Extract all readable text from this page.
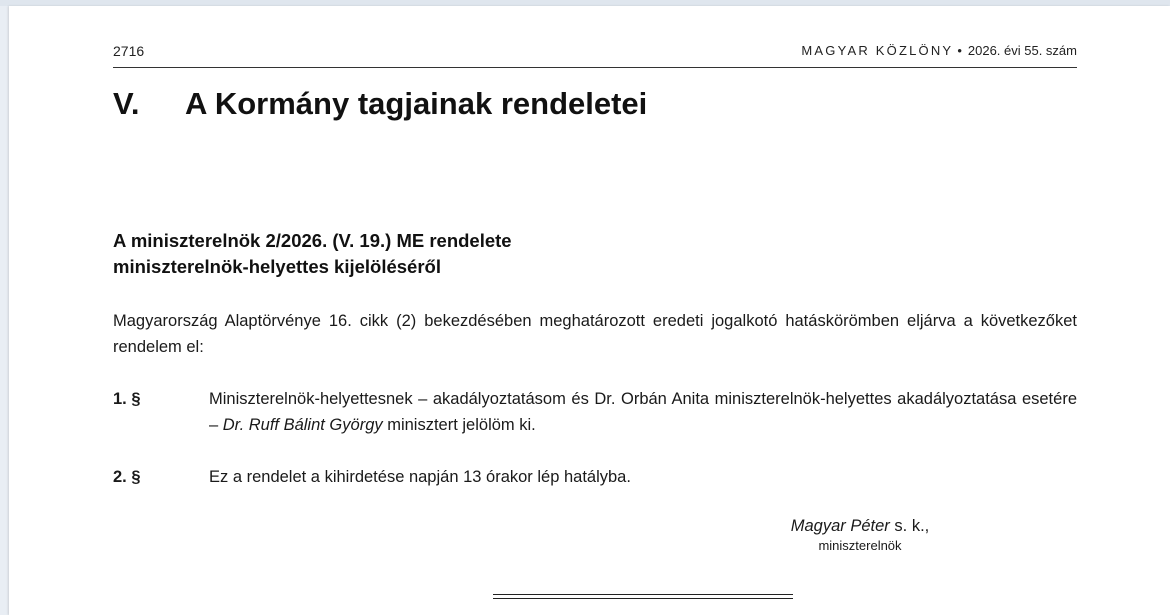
2716	MAGYAR KÖZLÖNY • 2026. évi 55. szám
V. A Kormány tagjainak rendeletei
A miniszterelnök 2/2026. (V. 19.) ME rendelete
miniszterelnök-helyettes kijelöléséről
Magyarország Alaptörvénye 16. cikk (2) bekezdésében meghatározott eredeti jogalkotó hatáskörömben eljárva a következőket rendelem el:
1. §	Miniszterelnök-helyettesnek – akadályoztatásom és Dr. Orbán Anita miniszterelnök-helyettes akadályoztatása esetére – Dr. Ruff Bálint György minisztert jelölöm ki.
2. §	Ez a rendelet a kihirdetése napján 13 órakor lép hatályba.
Magyar Péter s. k.,
miniszterelnök
